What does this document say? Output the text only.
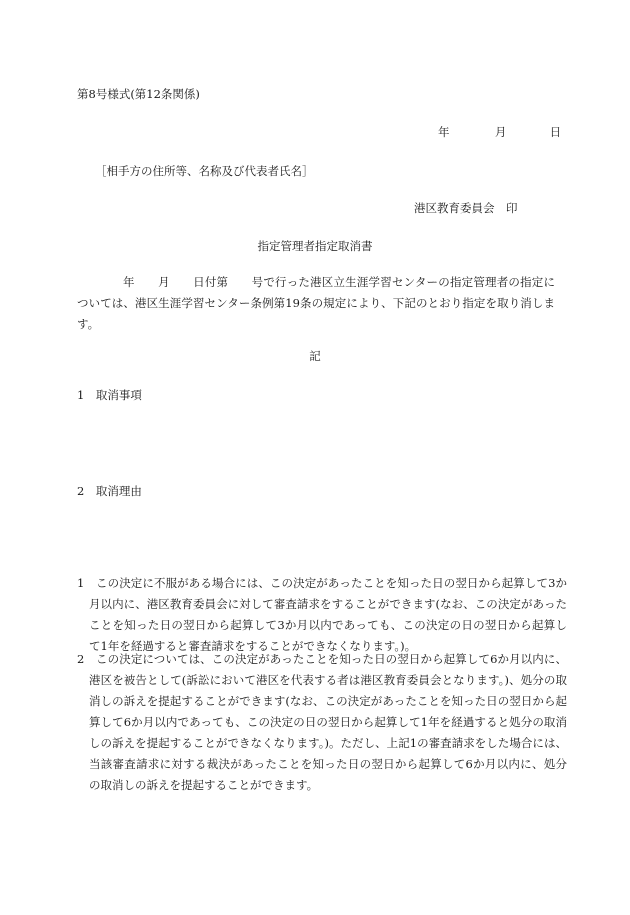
第8号様式(第12条関係)
年	月	日
［相手方の住所等、名称及び代表者氏名］
港区教育委員会　印
指定管理者指定取消書
年　　月　　日付第　　号で行った港区立生涯学習センターの指定管理者の指定については、港区生涯学習センター条例第19条の規定により、下記のとおり指定を取り消します。
記
1　取消事項
2　取消理由
1　この決定に不服がある場合には、この決定があったことを知った日の翌日から起算して3か月以内に、港区教育委員会に対して審査請求をすることができます(なお、この決定があったことを知った日の翌日から起算して3か月以内であっても、この決定の日の翌日から起算して1年を経過すると審査請求をすることができなくなります。)。
2　この決定については、この決定があったことを知った日の翌日から起算して6か月以内に、港区を被告として(訴訟において港区を代表する者は港区教育委員会となります。)、処分の取消しの訴えを提起することができます(なお、この決定があったことを知った日の翌日から起算して6か月以内であっても、この決定の日の翌日から起算して1年を経過すると処分の取消しの訴えを提起することができなくなります。)。ただし、上記1の審査請求をした場合には、当該審査請求に対する裁決があったことを知った日の翌日から起算して6か月以内に、処分の取消しの訴えを提起することができます。
